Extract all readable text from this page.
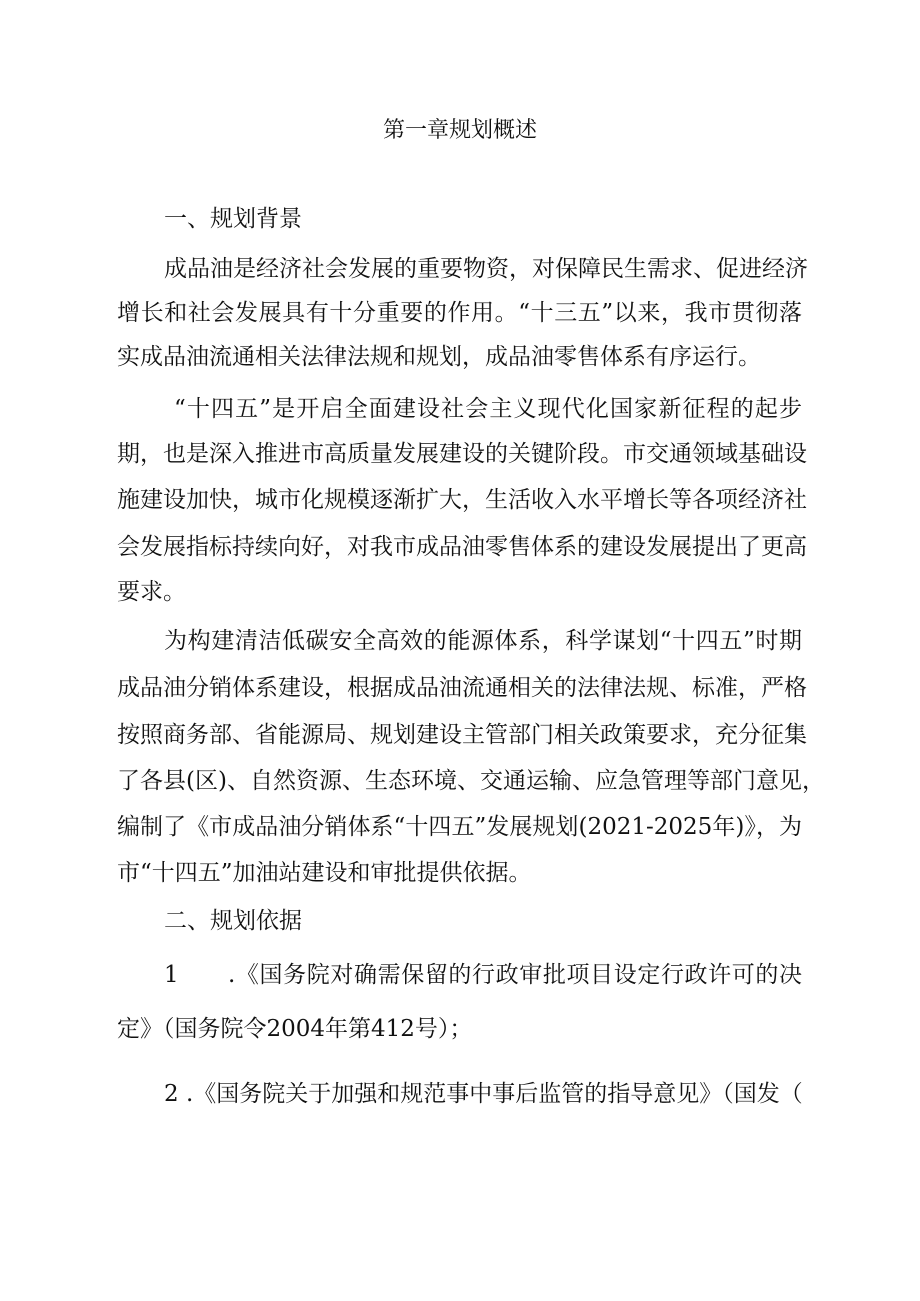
第一章规划概述
一、规划背景
成品油是经济社会发展的重要物资，对保障民生需求、促进经济
增长和社会发展具有十分重要的作用。“十三五”以来，我市贯彻落
实成品油流通相关法律法规和规划，成品油零售体系有序运行。
“十四五”是开启全面建设社会主义现代化国家新征程的起步
期，也是深入推进市高质量发展建设的关键阶段。市交通领域基础设
施建设加快，城市化规模逐渐扩大，生活收入水平增长等各项经济社
会发展指标持续向好，对我市成品油零售体系的建设发展提出了更高
要求。
为构建清洁低碳安全高效的能源体系，科学谋划“十四五”时期
成品油分销体系建设，根据成品油流通相关的法律法规、标准，严格
按照商务部、省能源局、规划建设主管部门相关政策要求，充分征集
了各县(区)、自然资源、生态环境、交通运输、应急管理等部门意见，
编制了《市成品油分销体系“十四五”发展规划(2021-2025年)》，为
市“十四五”加油站建设和审批提供依据。
二、规划依据
1 .《国务院对确需保留的行政审批项目设定行政许可的决
定》（国务院令2004年第412号）；
2 .《国务院关于加强和规范事中事后监管的指导意见》（国发（
